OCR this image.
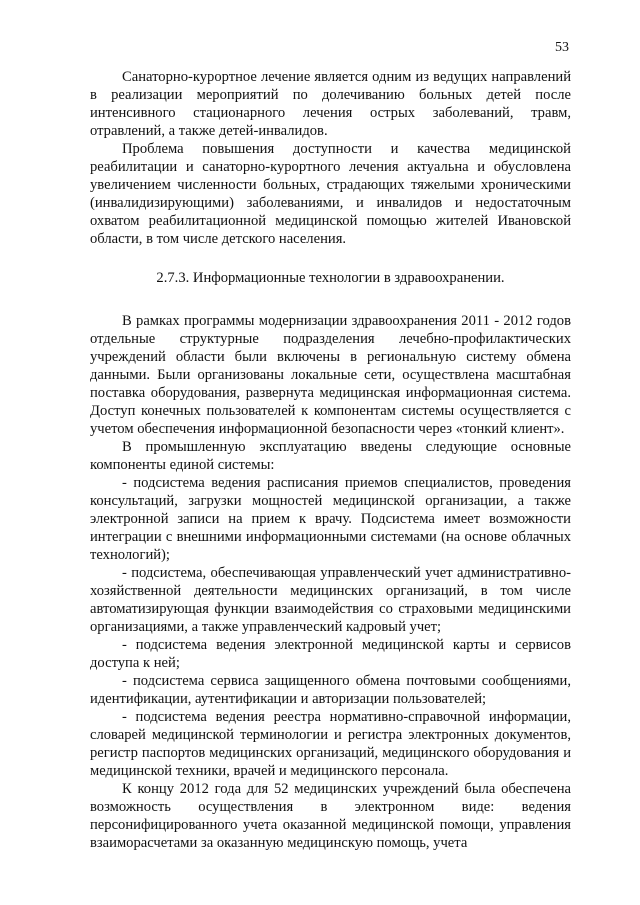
53

Санаторно-курортное лечение является одним из ведущих направлений в реализации мероприятий по долечиванию больных детей после интенсивного стационарного лечения острых заболеваний, травм, отравлений, а также детей-инвалидов.

Проблема повышения доступности и качества медицинской реабилитации и санаторно-курортного лечения актуальна и обусловлена увеличением численности больных, страдающих тяжелыми хроническими (инвалидизирующими) заболеваниями, и инвалидов и недостаточным охватом реабилитационной медицинской помощью жителей Ивановской области, в том числе детского населения.

2.7.3. Информационные технологии в здравоохранении.

В рамках программы модернизации здравоохранения 2011 - 2012 годов отдельные структурные подразделения лечебно-профилактических учреждений области были включены в региональную систему обмена данными. Были организованы локальные сети, осуществлена масштабная поставка оборудования, развернута медицинская информационная система. Доступ конечных пользователей к компонентам системы осуществляется с учетом обеспечения информационной безопасности через «тонкий клиент».

В промышленную эксплуатацию введены следующие основные компоненты единой системы:

- подсистема ведения расписания приемов специалистов, проведения консультаций, загрузки мощностей медицинской организации, а также электронной записи на прием к врачу. Подсистема имеет возможности интеграции с внешними информационными системами (на основе облачных технологий);

- подсистема, обеспечивающая управленческий учет административно-хозяйственной деятельности медицинских организаций, в том числе автоматизирующая функции взаимодействия со страховыми медицинскими организациями, а также управленческий кадровый учет;

- подсистема ведения электронной медицинской карты и сервисов доступа к ней;

- подсистема сервиса защищенного обмена почтовыми сообщениями, идентификации, аутентификации и авторизации пользователей;

- подсистема ведения реестра нормативно-справочной информации, словарей медицинской терминологии и регистра электронных документов, регистр паспортов медицинских организаций, медицинского оборудования и медицинской техники, врачей и медицинского персонала.

К концу 2012 года для 52 медицинских учреждений была обеспечена возможность осуществления в электронном виде: ведения персонифицированного учета оказанной медицинской помощи, управления взаиморасчетами за оказанную медицинскую помощь, учета
